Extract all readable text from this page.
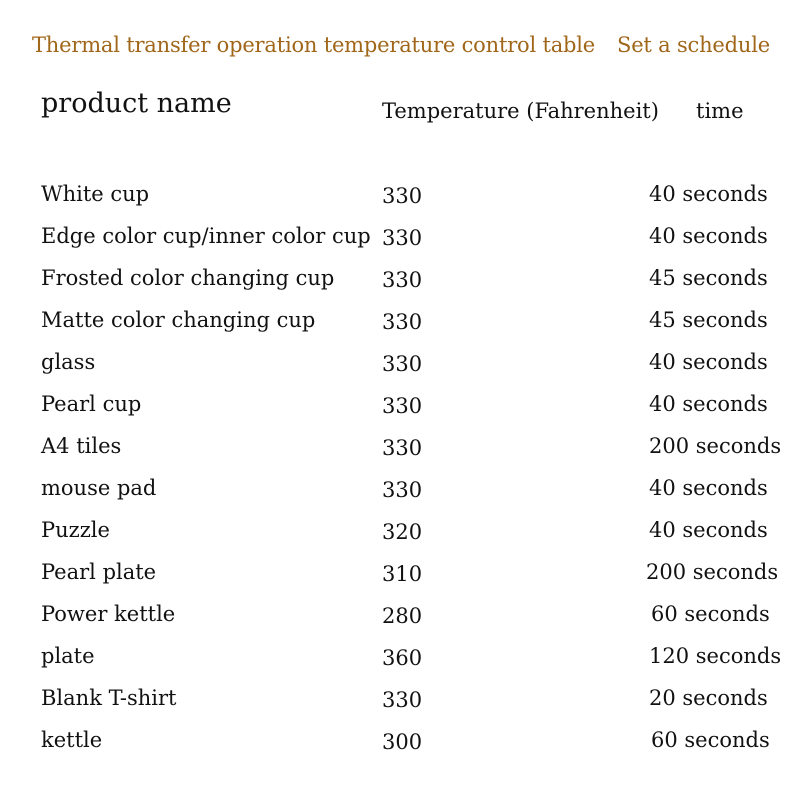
Thermal transfer operation temperature control table Set a schedule
product name	Temperature (Fahrenheit) time
White cup	330	40 seconds
Edge color cup/inner color cup 330	40 seconds
Frosted color changing cup 330	45 seconds
Matte color changing cup	330	45 seconds
glass	330	40 seconds
Pearl cup	330	40 seconds
A4 tiles	330	200 seconds
mouse pad	330	40 seconds
Puzzle	320	40 seconds
Pearl plate	310	200 seconds
Power kettle	280	60 seconds
plate	360	120 seconds
Blank T-shirt	330	20 seconds
kettle	300	60 seconds
